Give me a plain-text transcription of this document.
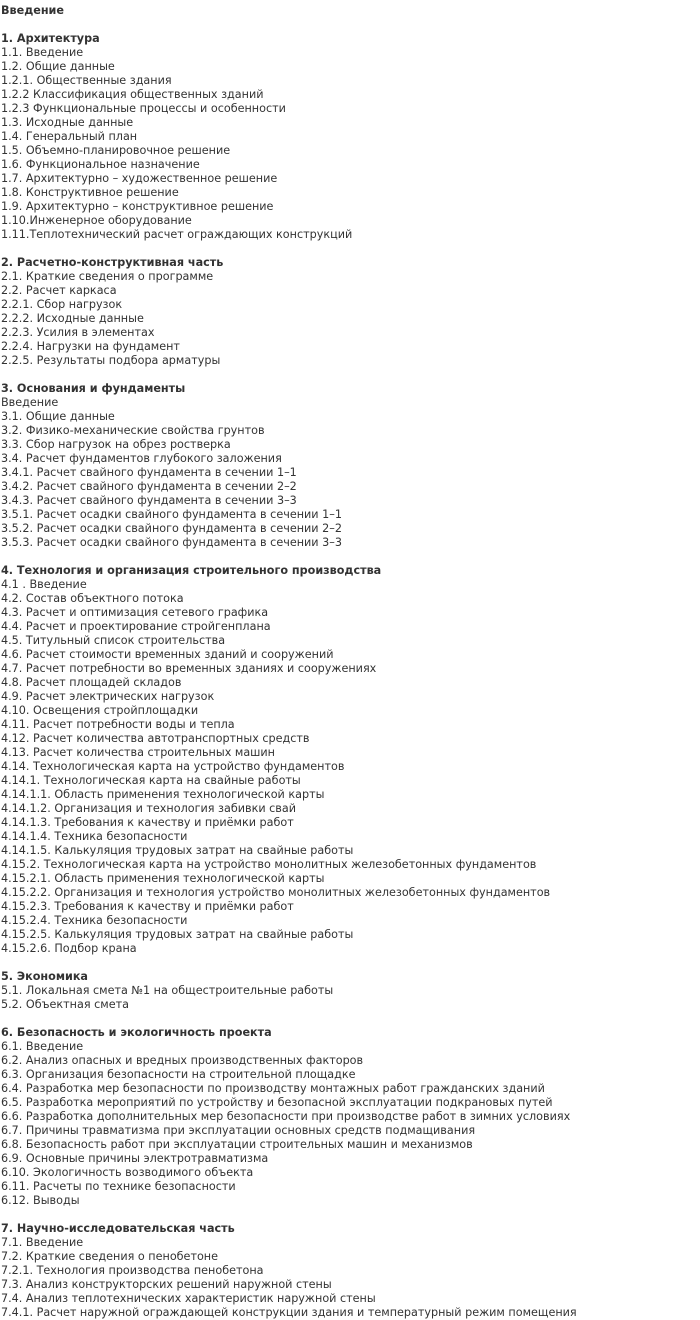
Введение
1. Архитектура
1.1. Введение
1.2. Общие данные
1.2.1. Общественные здания
1.2.2 Классификация общественных зданий
1.2.3 Функциональные процессы и особенности
1.3. Исходные данные
1.4. Генеральный план
1.5. Объемно-планировочное решение
1.6. Функциональное назначение
1.7. Архитектурно – художественное решение
1.8. Конструктивное решение
1.9. Архитектурно – конструктивное решение
1.10.Инженерное оборудование
1.11.Теплотехнический расчет ограждающих конструкций
2. Расчетно-конструктивная часть
2.1. Краткие сведения о программе
2.2. Расчет каркаса
2.2.1. Сбор нагрузок
2.2.2. Исходные данные
2.2.3. Усилия в элементах
2.2.4. Нагрузки на фундамент
2.2.5. Результаты подбора арматуры
3. Основания и фундаменты
Введение
3.1. Общие данные
3.2. Физико-механические свойства грунтов
3.3. Сбор нагрузок на обрез ростверка
3.4. Расчет фундаментов глубокого заложения
3.4.1. Расчет свайного фундамента в сечении 1–1
3.4.2. Расчет свайного фундамента в сечении 2–2
3.4.3. Расчет свайного фундамента в сечении 3–3
3.5.1. Расчет осадки свайного фундамента в сечении 1–1
3.5.2. Расчет осадки свайного фундамента в сечении 2–2
3.5.3. Расчет осадки свайного фундамента в сечении 3–3
4. Технология и организация строительного производства
4.1 . Введение
4.2. Состав объектного потока
4.3. Расчет и оптимизация сетевого графика
4.4. Расчет и проектирование стройгенплана
4.5. Титульный список строительства
4.6. Расчет стоимости временных зданий и сооружений
4.7. Расчет потребности во временных зданиях и сооружениях
4.8. Расчет площадей складов
4.9. Расчет электрических нагрузок
4.10. Освещения стройплощадки
4.11. Расчет потребности воды и тепла
4.12. Расчет количества автотранспортных средств
4.13. Расчет количества строительных машин
4.14. Технологическая карта на устройство фундаментов
4.14.1. Технологическая карта на свайные работы
4.14.1.1. Область применения технологической карты
4.14.1.2. Организация и технология забивки свай
4.14.1.3. Требования к качеству и приёмки работ
4.14.1.4. Техника безопасности
4.14.1.5. Калькуляция трудовых затрат на свайные работы
4.15.2. Технологическая карта на устройство монолитных железобетонных фундаментов
4.15.2.1. Область применения технологической карты
4.15.2.2. Организация и технология устройство монолитных железобетонных фундаментов
4.15.2.3. Требования к качеству и приёмки работ
4.15.2.4. Техника безопасности
4.15.2.5. Калькуляция трудовых затрат на свайные работы
4.15.2.6. Подбор крана
5. Экономика
5.1. Локальная смета №1 на общестроительные работы
5.2. Объектная смета
6. Безопасность и экологичность проекта
6.1. Введение
6.2. Анализ опасных и вредных производственных факторов
6.3. Организация безопасности на строительной площадке
6.4. Разработка мер безопасности по производству монтажных работ гражданских зданий
6.5. Разработка мероприятий по устройству и безопасной эксплуатации подкрановых путей
6.6. Разработка дополнительных мер безопасности при производстве работ в зимних условиях
6.7. Причины травматизма при эксплуатации основных средств подмащивания
6.8. Безопасность работ при эксплуатации строительных машин и механизмов
6.9. Основные причины электротравматизма
6.10. Экологичность возводимого объекта
6.11. Расчеты по технике безопасности
6.12. Выводы
7. Научно-исследовательская часть
7.1. Введение
7.2. Краткие сведения о пенобетоне
7.2.1. Технология производства пенобетона
7.3. Анализ конструкторских решений наружной стены
7.4. Анализ теплотехнических характеристик наружной стены
7.4.1. Расчет наружной ограждающей конструкции здания и температурный режим помещения
